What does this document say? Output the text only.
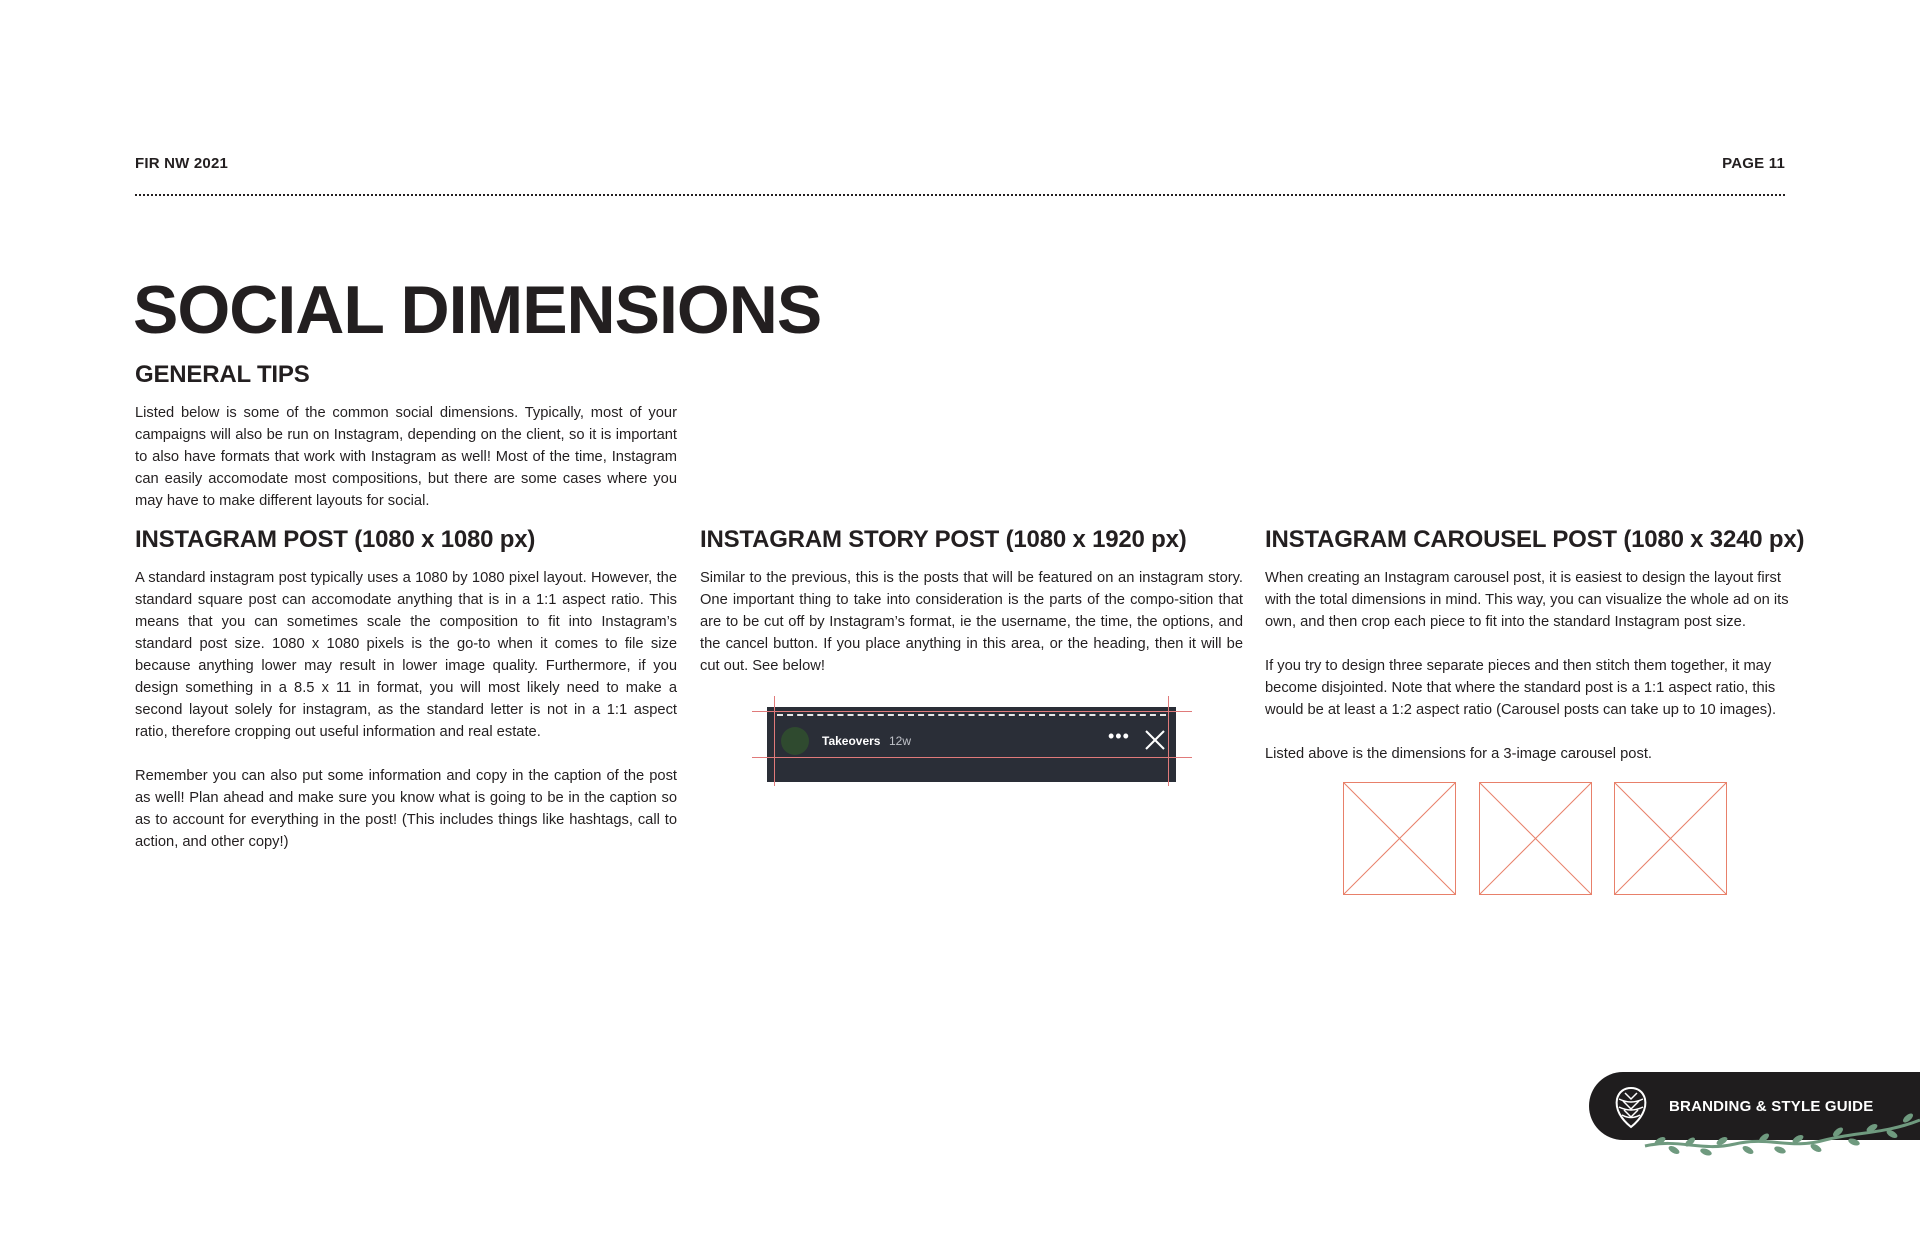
FIR NW 2021	PAGE 11
SOCIAL DIMENSIONS
GENERAL TIPS

Listed below is some of the common social dimensions. Typically, most of your campaigns will also be run on Instagram, depending on the client, so it is important to also have formats that work with Instagram as well! Most of the time, Instagram can easily accomodate most compositions, but there are some cases where you may have to make different layouts for social.

INSTAGRAM POST (1080 x 1080 px)

A standard instagram post typically uses a 1080 by 1080 pixel layout. However, the standard square post can accomodate anything that is in a 1:1 aspect ratio. This means that you can sometimes scale the composition to fit into Instagram’s standard post size. 1080 x 1080 pixels is the go-to when it comes to file size because anything lower may result in lower image quality. Furthermore, if you design something in a 8.5 x 11 in format, you will most likely need to make a second layout solely for instagram, as the standard letter is not in a 1:1 aspect ratio, therefore cropping out useful information and real estate.

Remember you can also put some information and copy in the caption of the post as well! Plan ahead and make sure you know what is going to be in the caption so as to account for everything in the post! (This includes things like hashtags, call to action, and other copy!)

INSTAGRAM STORY POST (1080 x 1920 px)

Similar to the previous, this is the posts that will be featured on an instagram story. One important thing to take into consideration is the parts of the compo-sition that are to be cut off by Instagram’s format, ie the username, the time, the options, and the cancel button. If you place anything in this area, or the heading, then it will be cut out. See below!

Takeovers 12w	•••
INSTAGRAM CAROUSEL POST (1080 x 3240 px)

When creating an Instagram carousel post, it is easiest to design the layout first with the total dimensions in mind. This way, you can visualize the whole ad on its own, and then crop each piece to fit into the standard Instagram post size.

If you try to design three separate pieces and then stitch them together, it may become disjointed. Note that where the standard post is a 1:1 aspect ratio, this would be at least a 1:2 aspect ratio (Carousel posts can take up to 10 images).

Listed above is the dimensions for a 3-image carousel post.

BRANDING & STYLE GUIDE
